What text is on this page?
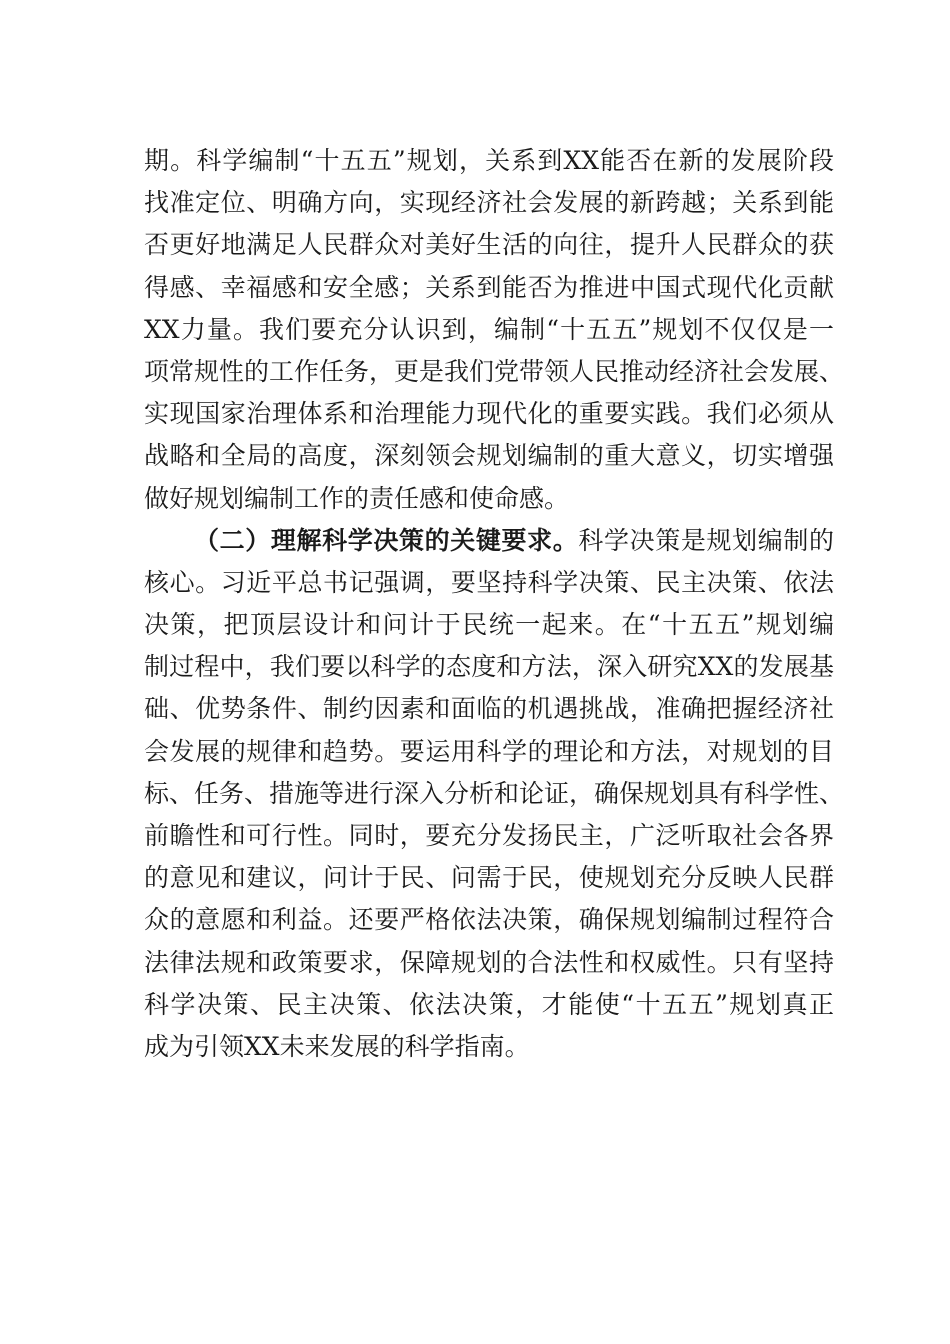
期。科学编制“十五五”规划，关系到XX能否在新的发展阶段
找准定位、明确方向，实现经济社会发展的新跨越；关系到能
否更好地满足人民群众对美好生活的向往，提升人民群众的获
得感、幸福感和安全感；关系到能否为推进中国式现代化贡献
XX力量。我们要充分认识到，编制“十五五”规划不仅仅是一
项常规性的工作任务，更是我们党带领人民推动经济社会发展、
实现国家治理体系和治理能力现代化的重要实践。我们必须从
战略和全局的高度，深刻领会规划编制的重大意义，切实增强
做好规划编制工作的责任感和使命感。
（二）理解科学决策的关键要求。科学决策是规划编制的
核心。习近平总书记强调，要坚持科学决策、民主决策、依法
决策，把顶层设计和问计于民统一起来。在“十五五”规划编
制过程中，我们要以科学的态度和方法，深入研究XX的发展基
础、优势条件、制约因素和面临的机遇挑战，准确把握经济社
会发展的规律和趋势。要运用科学的理论和方法，对规划的目
标、任务、措施等进行深入分析和论证，确保规划具有科学性、
前瞻性和可行性。同时，要充分发扬民主，广泛听取社会各界
的意见和建议，问计于民、问需于民，使规划充分反映人民群
众的意愿和利益。还要严格依法决策，确保规划编制过程符合
法律法规和政策要求，保障规划的合法性和权威性。只有坚持
科学决策、民主决策、依法决策，才能使“十五五”规划真正
成为引领XX未来发展的科学指南。
